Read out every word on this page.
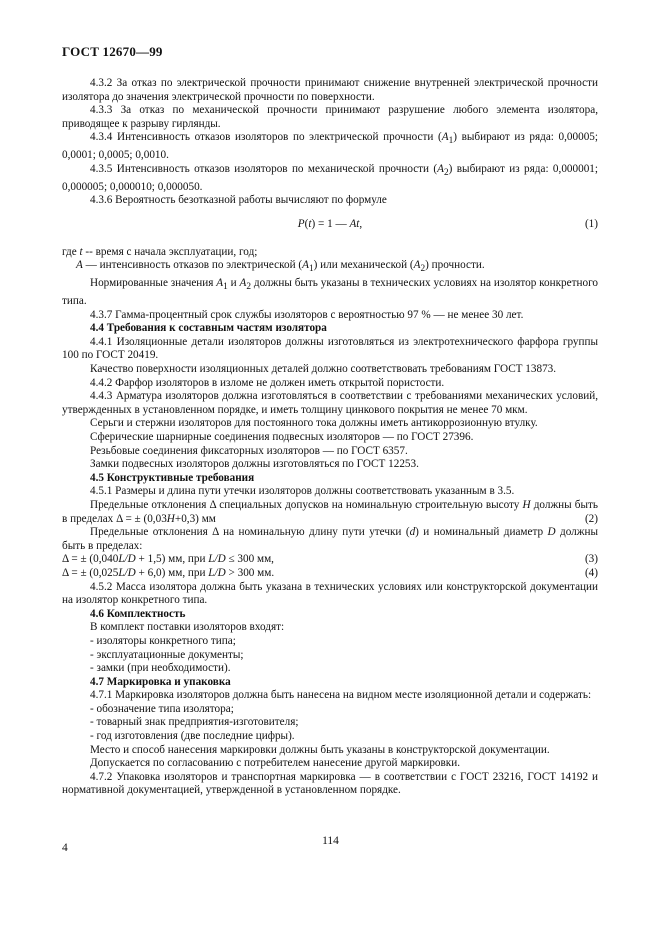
ГОСТ 12670—99

4.3.2 За отказ по электрической прочности принимают снижение внутренней электрической прочности изолятора до значения электрической прочности по поверхности.

4.3.3 За отказ по механической прочности принимают разрушение любого элемента изолятора, приводящее к разрыву гирлянды.

4.3.4 Интенсивность отказов изоляторов по электрической прочности $(A_1)$ выбирают из ряда: 0,00005; 0,0001; 0,0005; 0,0010.

4.3.5 Интенсивность отказов изоляторов по механической прочности $(A_2)$ выбирают из ряда: 0,000001; 0,000005; 0,000010; 0,000050.

4.3.6 Вероятность безотказной работы вычисляют по формуле

P(t) = 1 — At,	(1)

где t -- время с начала эксплуатации, год;

A — интенсивность отказов по электрической $(A_1)$ или механической $(A_2)$ прочности.

Нормированные значения $A_1$ и $A_2$ должны быть указаны в технических условиях на изолятор конкретного типа.

4.3.7 Гамма-процентный срок службы изоляторов с вероятностью 97 % — не менее 30 лет.

4.4 Требования к составным частям изолятора

4.4.1 Изоляционные детали изоляторов должны изготовляться из электротехнического фарфора группы 100 по ГОСТ 20419.

Качество поверхности изоляционных деталей должно соответствовать требованиям ГОСТ 13873.

4.4.2 Фарфор изоляторов в изломе не должен иметь открытой пористости.

4.4.3 Арматура изоляторов должна изготовляться в соответствии с требованиями механических условий, утвержденных в установленном порядке, и иметь толщину цинкового покрытия не менее 70 мкм.

Серьги и стержни изоляторов для постоянного тока должны иметь антикоррозионную втулку.

Сферические шарнирные соединения подвесных изоляторов — по ГОСТ 27396.

Резьбовые соединения фиксаторных изоляторов — по ГОСТ 6357.

Замки подвесных изоляторов должны изготовляться по ГОСТ 12253.

4.5 Конструктивные требования

4.5.1 Размеры и длина пути утечки изоляторов должны соответствовать указанным в 3.5.

Предельные отклонения Δ специальных допусков на номинальную строительную высоту H должны быть в пределах Δ = ± (0,03H+0,3) мм	(2)

Предельные отклонения Δ на номинальную длину пути утечки (d) и номинальный диаметр D должны быть в пределах:

Δ = ± (0,040L/D + 1,5) мм, при L/D ≤ 300 мм,	(3)

Δ = ± (0,025L/D + 6,0) мм, при L/D > 300 мм.	(4)

4.5.2 Масса изолятора должна быть указана в технических условиях или конструкторской документации на изолятор конкретного типа.

4.6 Комплектность

В комплект поставки изоляторов входят:

- изоляторы конкретного типа;

- эксплуатационные документы;

- замки (при необходимости).

4.7 Маркировка и упаковка

4.7.1 Маркировка изоляторов должна быть нанесена на видном месте изоляционной детали и содержать:

- обозначение типа изолятора;

- товарный знак предприятия-изготовителя;

- год изготовления (две последние цифры).

Место и способ нанесения маркировки должны быть указаны в конструкторской документации.

Допускается по согласованию с потребителем нанесение другой маркировки.

4.7.2 Упаковка изоляторов и транспортная маркировка — в соответствии с ГОСТ 23216, ГОСТ 14192 и нормативной документацией, утвержденной в установленном порядке.

4
114
